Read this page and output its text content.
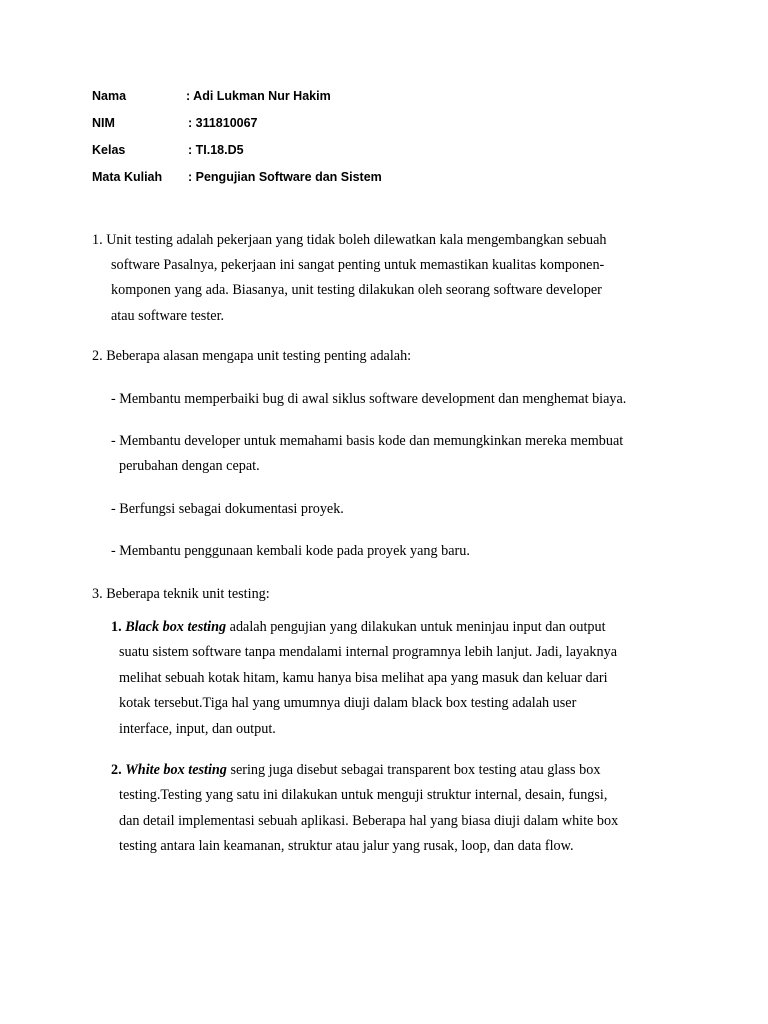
Nama	: Adi Lukman Nur Hakim
NIM	: 311810067
Kelas	: TI.18.D5
Mata Kuliah : Pengujian Software dan Sistem
1. Unit testing adalah pekerjaan yang tidak boleh dilewatkan kala mengembangkan sebuah
software Pasalnya, pekerjaan ini sangat penting untuk memastikan kualitas komponen-
komponen yang ada. Biasanya, unit testing dilakukan oleh seorang software developer
atau software tester.
2. Beberapa alasan mengapa unit testing penting adalah:
- Membantu memperbaiki bug di awal siklus software development dan menghemat biaya.
- Membantu developer untuk memahami basis kode dan memungkinkan mereka membuat
perubahan dengan cepat.
- Berfungsi sebagai dokumentasi proyek.
- Membantu penggunaan kembali kode pada proyek yang baru.
3. Beberapa teknik unit testing:
1. Black box testing adalah pengujian yang dilakukan untuk meninjau input dan output
suatu sistem software tanpa mendalami internal programnya lebih lanjut. Jadi, layaknya
melihat sebuah kotak hitam, kamu hanya bisa melihat apa yang masuk dan keluar dari
kotak tersebut.Tiga hal yang umumnya diuji dalam black box testing adalah user
interface, input, dan output.
2. White box testing sering juga disebut sebagai transparent box testing atau glass box
testing.Testing yang satu ini dilakukan untuk menguji struktur internal, desain, fungsi,
dan detail implementasi sebuah aplikasi. Beberapa hal yang biasa diuji dalam white box
testing antara lain keamanan, struktur atau jalur yang rusak, loop, dan data flow.
